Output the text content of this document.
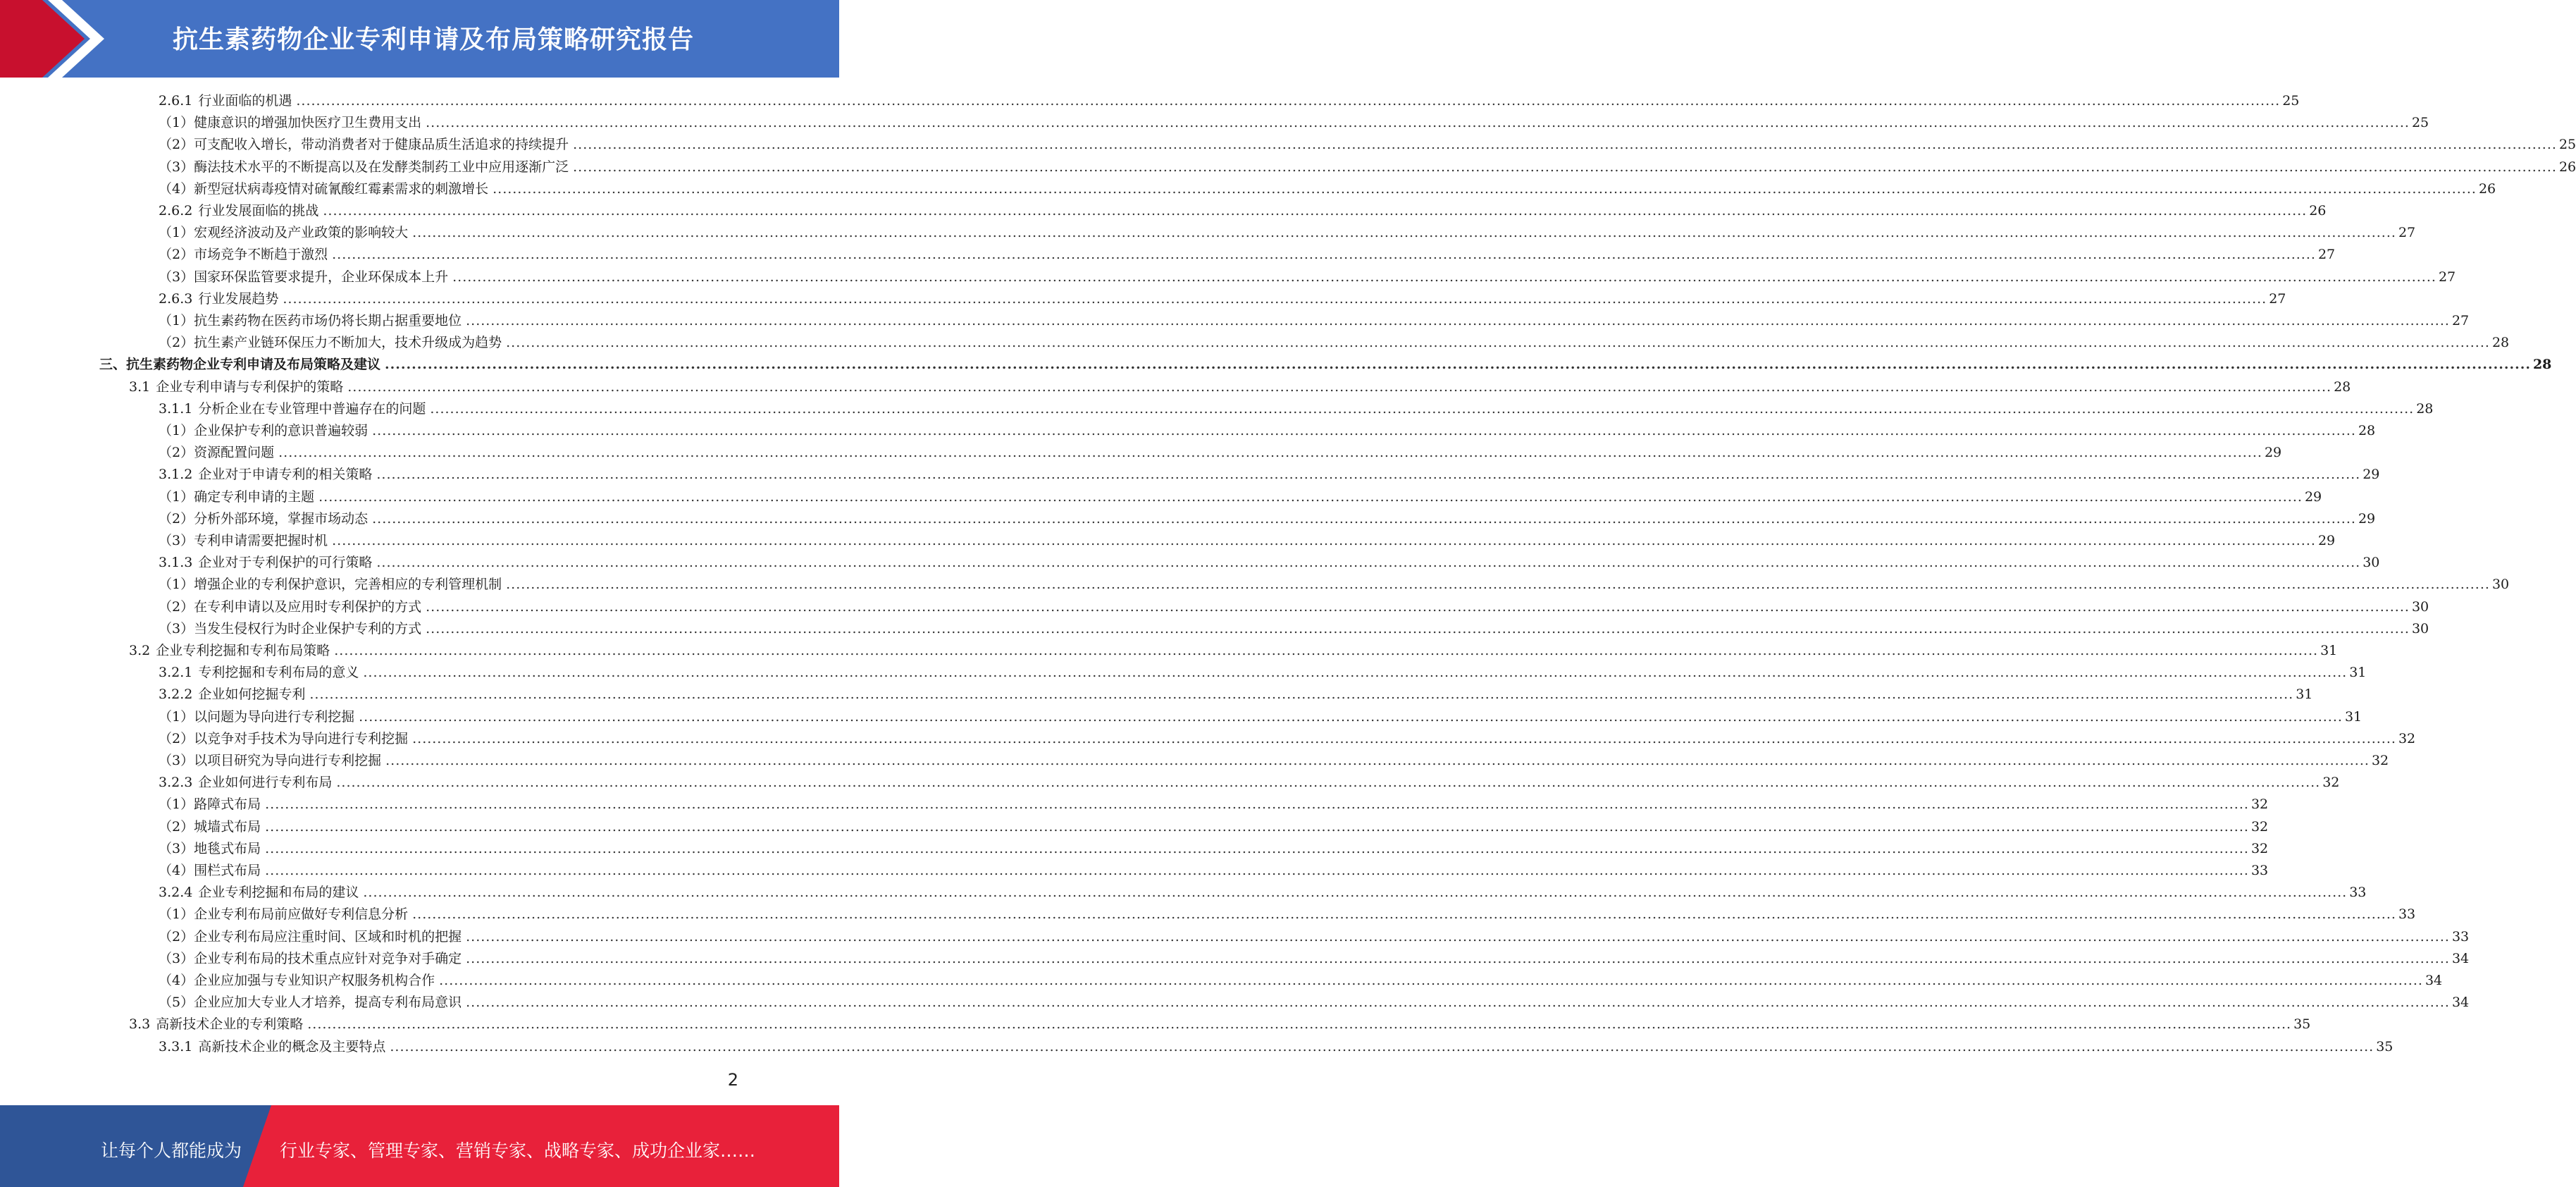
抗生素药物企业专利申请及布局策略研究报告
2.6.1 行业面临的机遇 ................................................................................................................................................................................................................................................................................................................................................................................................................ 25
（1） 健康意识的增强加快医疗卫生费用支出 ................................................................................................................................................................................................................................................................................................................................................................................................................ 25
（2） 可支配收入增长，带动消费者对于健康品质生活追求的持续提升 ................................................................................................................................................................................................................................................................................................................................................................................................................ 25
（3） 酶法技术水平的不断提高以及在发酵类制药工业中应用逐渐广泛 ................................................................................................................................................................................................................................................................................................................................................................................................................ 26
（4） 新型冠状病毒疫情对硫氰酸红霉素需求的刺激增长 ................................................................................................................................................................................................................................................................................................................................................................................................................ 26
2.6.2 行业发展面临的挑战 ................................................................................................................................................................................................................................................................................................................................................................................................................ 26
（1） 宏观经济波动及产业政策的影响较大 ................................................................................................................................................................................................................................................................................................................................................................................................................ 27
（2） 市场竞争不断趋于激烈 ................................................................................................................................................................................................................................................................................................................................................................................................................ 27
（3） 国家环保监管要求提升，企业环保成本上升 ................................................................................................................................................................................................................................................................................................................................................................................................................ 27
2.6.3 行业发展趋势 ................................................................................................................................................................................................................................................................................................................................................................................................................ 27
（1） 抗生素药物在医药市场仍将长期占据重要地位 ................................................................................................................................................................................................................................................................................................................................................................................................................ 27
（2） 抗生素产业链环保压力不断加大，技术升级成为趋势 ................................................................................................................................................................................................................................................................................................................................................................................................................ 28
三、 抗生素药物企业专利申请及布局策略及建议 ................................................................................................................................................................................................................................................................................................................................................................................................................ 28
3.1 企业专利申请与专利保护的策略 ................................................................................................................................................................................................................................................................................................................................................................................................................ 28
3.1.1 分析企业在专业管理中普遍存在的问题 ................................................................................................................................................................................................................................................................................................................................................................................................................ 28
（1） 企业保护专利的意识普遍较弱 ................................................................................................................................................................................................................................................................................................................................................................................................................ 28
（2） 资源配置问题 ................................................................................................................................................................................................................................................................................................................................................................................................................ 29
3.1.2 企业对于申请专利的相关策略 ................................................................................................................................................................................................................................................................................................................................................................................................................ 29
（1） 确定专利申请的主题 ................................................................................................................................................................................................................................................................................................................................................................................................................ 29
（2） 分析外部环境，掌握市场动态 ................................................................................................................................................................................................................................................................................................................................................................................................................ 29
（3） 专利申请需要把握时机 ................................................................................................................................................................................................................................................................................................................................................................................................................ 29
3.1.3 企业对于专利保护的可行策略 ................................................................................................................................................................................................................................................................................................................................................................................................................ 30
（1） 增强企业的专利保护意识，完善相应的专利管理机制 ................................................................................................................................................................................................................................................................................................................................................................................................................ 30
（2） 在专利申请以及应用时专利保护的方式 ................................................................................................................................................................................................................................................................................................................................................................................................................ 30
（3） 当发生侵权行为时企业保护专利的方式 ................................................................................................................................................................................................................................................................................................................................................................................................................ 30
3.2 企业专利挖掘和专利布局策略 ................................................................................................................................................................................................................................................................................................................................................................................................................ 31
3.2.1 专利挖掘和专利布局的意义 ................................................................................................................................................................................................................................................................................................................................................................................................................ 31
3.2.2 企业如何挖掘专利 ................................................................................................................................................................................................................................................................................................................................................................................................................ 31
（1） 以问题为导向进行专利挖掘 ................................................................................................................................................................................................................................................................................................................................................................................................................ 31
（2） 以竞争对手技术为导向进行专利挖掘 ................................................................................................................................................................................................................................................................................................................................................................................................................ 32
（3） 以项目研究为导向进行专利挖掘 ................................................................................................................................................................................................................................................................................................................................................................................................................ 32
3.2.3 企业如何进行专利布局 ................................................................................................................................................................................................................................................................................................................................................................................................................ 32
（1） 路障式布局 ................................................................................................................................................................................................................................................................................................................................................................................................................ 32
（2） 城墙式布局 ................................................................................................................................................................................................................................................................................................................................................................................................................ 32
（3） 地毯式布局 ................................................................................................................................................................................................................................................................................................................................................................................................................ 32
（4） 围栏式布局 ................................................................................................................................................................................................................................................................................................................................................................................................................ 33
3.2.4 企业专利挖掘和布局的建议 ................................................................................................................................................................................................................................................................................................................................................................................................................ 33
（1） 企业专利布局前应做好专利信息分析 ................................................................................................................................................................................................................................................................................................................................................................................................................ 33
（2） 企业专利布局应注重时间、区域和时机的把握 ................................................................................................................................................................................................................................................................................................................................................................................................................ 33
（3） 企业专利布局的技术重点应针对竞争对手确定 ................................................................................................................................................................................................................................................................................................................................................................................................................ 34
（4） 企业应加强与专业知识产权服务机构合作 ................................................................................................................................................................................................................................................................................................................................................................................................................ 34
（5） 企业应加大专业人才培养，提高专利布局意识 ................................................................................................................................................................................................................................................................................................................................................................................................................ 34
3.3 高新技术企业的专利策略 ................................................................................................................................................................................................................................................................................................................................................................................................................ 35
3.3.1 高新技术企业的概念及主要特点 ................................................................................................................................................................................................................................................................................................................................................................................................................ 35
2
让每个人都能成为 行业专家、管理专家、营销专家、战略专家、成功企业家……
